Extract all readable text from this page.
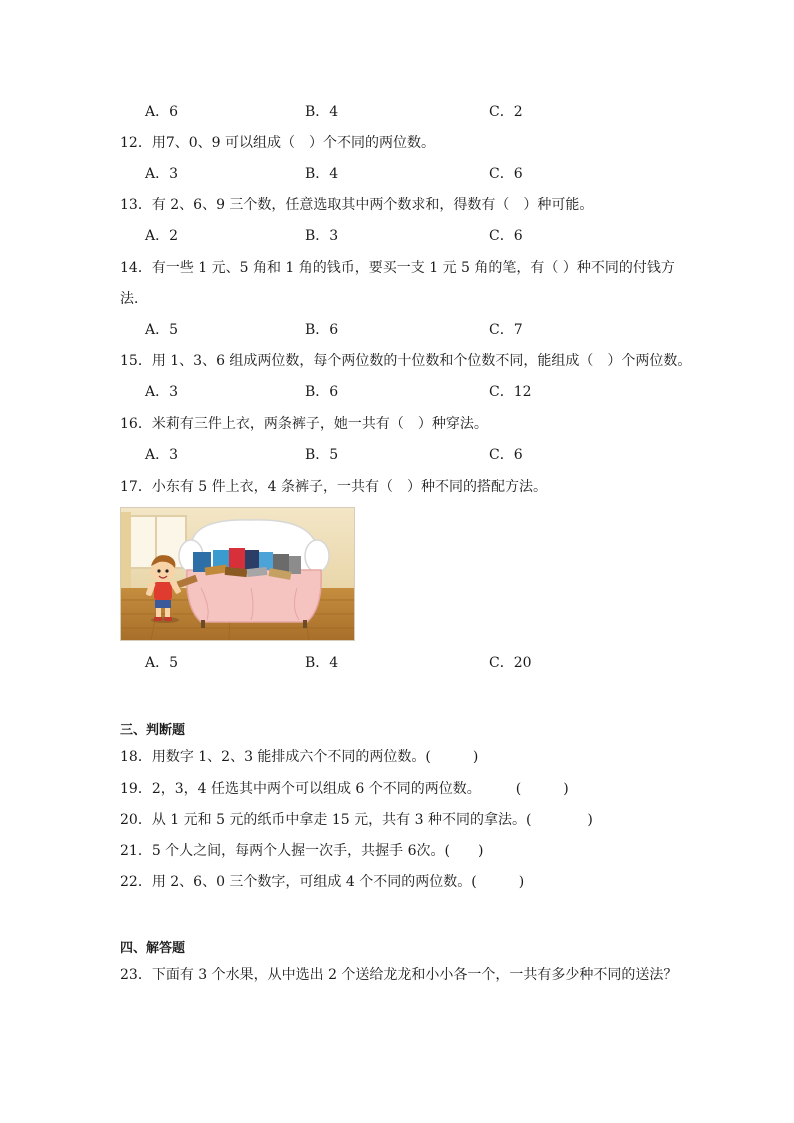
A．6	B．4	C．2
12．用7、0、9 可以组成（　）个不同的两位数。
A．3	B．4	C．6
13．有 2、6、9 三个数，任意选取其中两个数求和，得数有（　）种可能。
A．2	B．3	C．6
14．有一些 1 元、5 角和 1 角的钱币，要买一支 1 元 5 角的笔，有（ ）种不同的付钱方
法．
A．5	B．6	C．7
15．用 1、3、6 组成两位数，每个两位数的十位数和个位数不同，能组成（　）个两位数。
A．3	B．6	C．12
16．米莉有三件上衣，两条裤子，她一共有（　）种穿法。
A．3	B．5	C．6
17．小东有 5 件上衣，4 条裤子，一共有（　）种不同的搭配方法。
A．5	B．4	C．20
三、判断题
18．用数字 1、2、3 能排成六个不同的两位数。(　　　)
19．2，3，4 任选其中两个可以组成 6 个不同的两位数。　　　(　　　)
20．从 1 元和 5 元的纸币中拿走 15 元，共有 3 种不同的拿法。(　　　　)
21．5 个人之间，每两个人握一次手，共握手 6次。(　　)
22．用 2、6、0 三个数字，可组成 4 个不同的两位数。(　　　)
四、解答题
23．下面有 3 个水果，从中选出 2 个送给龙龙和小小各一个，一共有多少种不同的送法？
